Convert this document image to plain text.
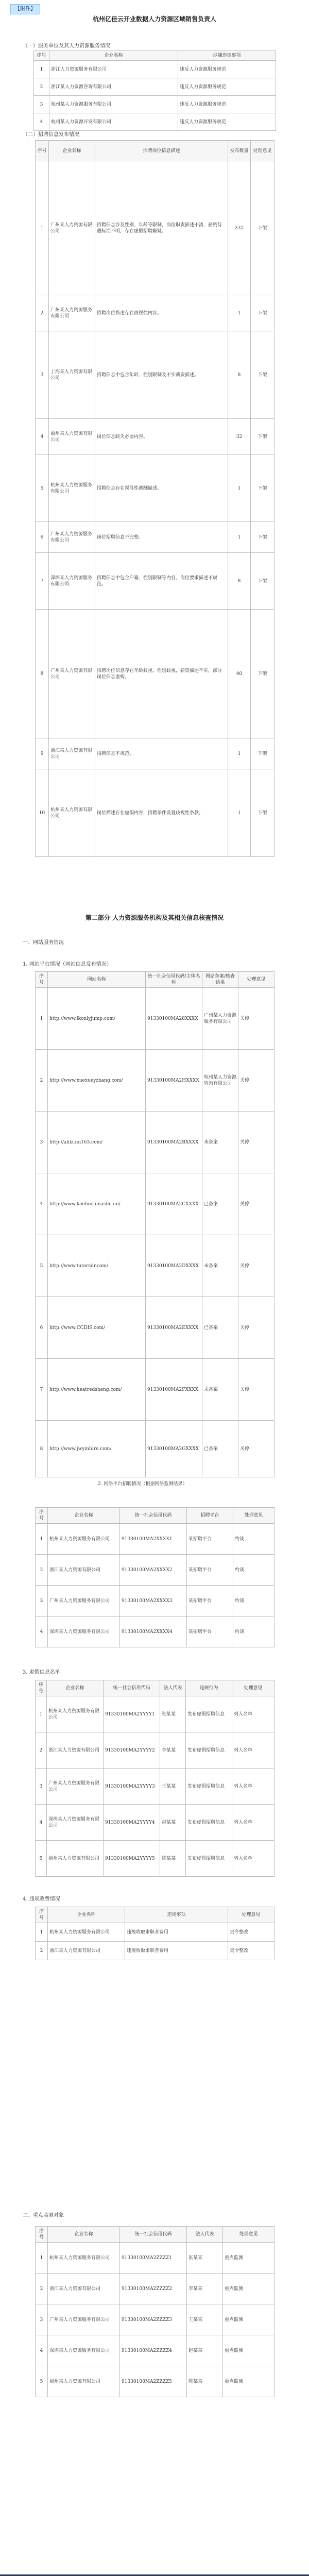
【附件】
杭州亿佳云开业数据人力资源区域销售负责人
（一）服务单位及其人力资源服务情况
序号	企业名称	涉嫌违规事项
1	浙江人力资源服务有限公司	违反人力资源服务规范
2	浙江某人力资源咨询有限公司	违反人力资源服务规范
3	杭州某人力资源服务有限公司	违反人力资源服务规范
4	杭州某人力资源开发有限公司	违反人力资源服务规范
（二）招聘信息发布情况
序号	企业名称	招聘岗位信息描述	发布数量	处理意见
1	广州某人力资源有限公司	招聘信息涉及性别、年龄等限制，岗位职责描述不清，薪资待遇标注不明，存在虚假招聘嫌疑。	232	下架
2	广州某人力资源服务有限公司	招聘岗位描述存在歧视性内容。	1	下架
3	上海某人力资源有限公司	招聘信息中包含年龄、性别限制及不实薪资描述。	8	下架
4	福州某人力资源有限公司	岗位信息缺失必要内容。	32	下架
5	杭州某人力资源服务有限公司	招聘信息存在误导性薪酬描述。	1	下架
6	广州某人力资源服务有限公司	岗位招聘信息不完整。	1	下架
7	深圳某人力资源服务有限公司	招聘信息中包含户籍、性别限制等内容，岗位要求描述不规范。	8	下架
8	广州某人力资源有限公司	招聘岗位信息存在年龄歧视、性别歧视，薪资描述不实，部分岗位信息虚构。	40	下架
9	浙江某人力资源有限公司	招聘信息不规范。	1	下架
10	杭州某人力资源有限公司	岗位描述存在虚假内容，招聘条件设置歧视性条款。	1	下架
第二部分 人力资源服务机构及其相关信息核查情况
一、网站服务情况
1. 网站平台情况（网站信息发布情况）
序号	网站名称	统一社会信用代码/主体名称	网站备案/核查结果	处理意见
1	http://www.lkonlyjump.com/	91330100MA28XXXX	广州某人力资源服务有限公司	关停
2	http://www.xuexueyzhang.com/	91330100MA2HXXXX	杭州某人力资源咨询有限公司	关停
3	http://ahlz.nn163.com/	91330100MA2BXXXX	未备案	关停
4	http://www.keehechinaslm.cn/	91330100MA2CXXXX	已备案	关停
5	http://www.tutorsdr.com/	91330100MA2DXXXX	未备案	关停
6	http://www.CCDIS.com/	91330100MA2EXXXX	已备案	关停
7	http://www.heatredsheng.com/	91330100MA2FXXXX	未备案	关停
8	http://www.jwyinhire.com/	91330100MA2GXXXX	已备案	关停
2. 网络平台招聘情况（根据网络监测结果）
序号	企业名称	统一社会信用代码	招聘平台	处理意见
1	杭州某人力资源服务有限公司	91330100MA2XXXX1	某招聘平台	约谈
2	浙江某人力资源有限公司	91330100MA2XXXX2	某招聘平台	约谈
3	广州某人力资源服务有限公司	91330100MA2XXXX3	某招聘平台	约谈
4	深圳某人力资源服务有限公司	91330100MA2XXXX4	某招聘平台	约谈
3. 虚假信息名单
序号	企业名称	统一社会信用代码	法人代表	违规行为	处理意见
1	杭州某人力资源服务有限公司	91330100MA2YYYY1	张某某	发布虚假招聘信息	列入名单
2	浙江某人力资源有限公司	91330100MA2YYYY2	李某某	发布虚假招聘信息	列入名单
3	广州某人力资源服务有限公司	91330100MA2YYYY3	王某某	发布虚假招聘信息	列入名单
4	深圳某人力资源服务有限公司	91330100MA2YYYY4	赵某某	发布虚假招聘信息	列入名单
5	福州某人力资源有限公司	91330100MA2YYYY5	陈某某	发布虚假招聘信息	列入名单
4. 违规收费情况
序号	企业名称	违规事项	处理意见
1	杭州某人力资源服务有限公司	违规收取求职者费用	责令整改
2	浙江某人力资源有限公司	违规收取求职者费用	责令整改
二、重点监测对象
序号	企业名称	统一社会信用代码	法人代表	处理意见
1	杭州某人力资源服务有限公司	91330100MA2ZZZZ1	张某某	重点监测
2	浙江某人力资源有限公司	91330100MA2ZZZZ2	李某某	重点监测
3	广州某人力资源服务有限公司	91330100MA2ZZZZ3	王某某	重点监测
4	深圳某人力资源服务有限公司	91330100MA2ZZZZ4	赵某某	重点监测
5	福州某人力资源有限公司	91330100MA2ZZZZ5	陈某某	重点监测
